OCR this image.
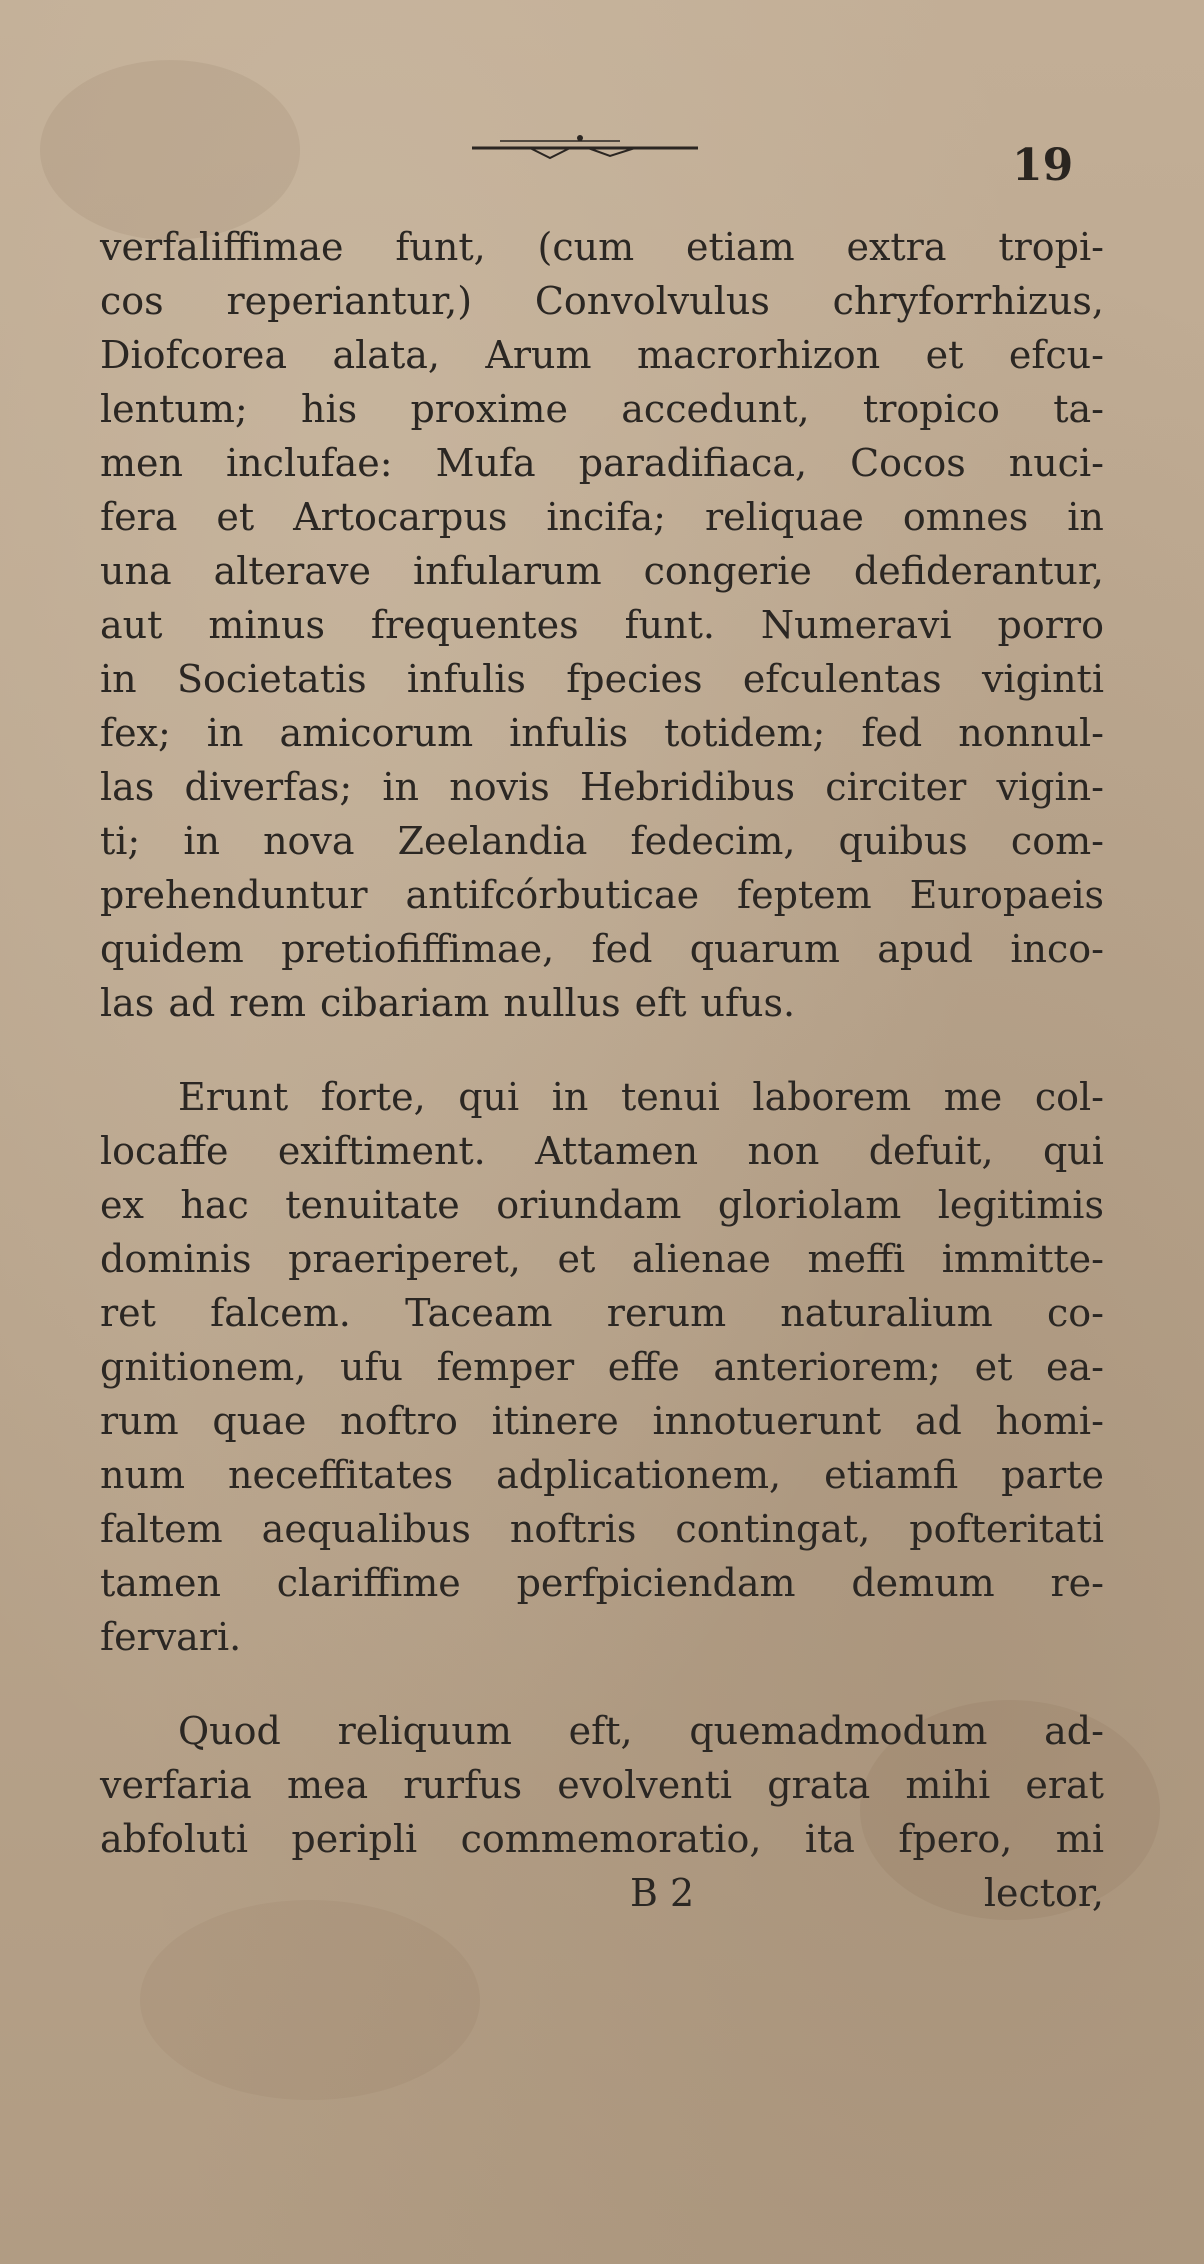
19

verfaliffimae funt, (cum etiam extra tropi-
cos reperiantur,) Convolvulus chryforrhizus,
Diofcorea alata, Arum macrorhizon et efcu-
lentum; his proxime accedunt, tropico ta-
men inclufae: Mufa paradifiaca, Cocos nuci-
fera et Artocarpus incifa; reliquae omnes in
una alterave infularum congerie defiderantur,
aut minus frequentes funt. Numeravi porro
in Societatis infulis fpecies efculentas viginti
fex; in amicorum infulis totidem; fed nonnul-
las diverfas; in novis Hebridibus circiter vigin-
ti; in nova Zeelandia fedecim, quibus com-
prehenduntur antifcórbuticae feptem Europaeis
quidem pretiofiffimae, fed quarum apud inco-
las ad rem cibariam nullus eft ufus.
Erunt forte, qui in tenui laborem me col-
locaffe exiftiment. Attamen non defuit, qui
ex hac tenuitate oriundam gloriolam legitimis
dominis praeriperet, et alienae meffi immitte-
ret falcem. Taceam rerum naturalium co-
gnitionem, ufu femper effe anteriorem; et ea-
rum quae noftro itinere innotuerunt ad homi-
num neceffitates adplicationem, etiamfi parte
faltem aequalibus noftris contingat, pofteritati
tamen clariffime perfpiciendam demum re-
fervari.
Quod reliquum eft, quemadmodum ad-
verfaria mea rurfus evolventi grata mihi erat
abfoluti peripli commemoratio, ita fpero, mi
B 2	lector,
